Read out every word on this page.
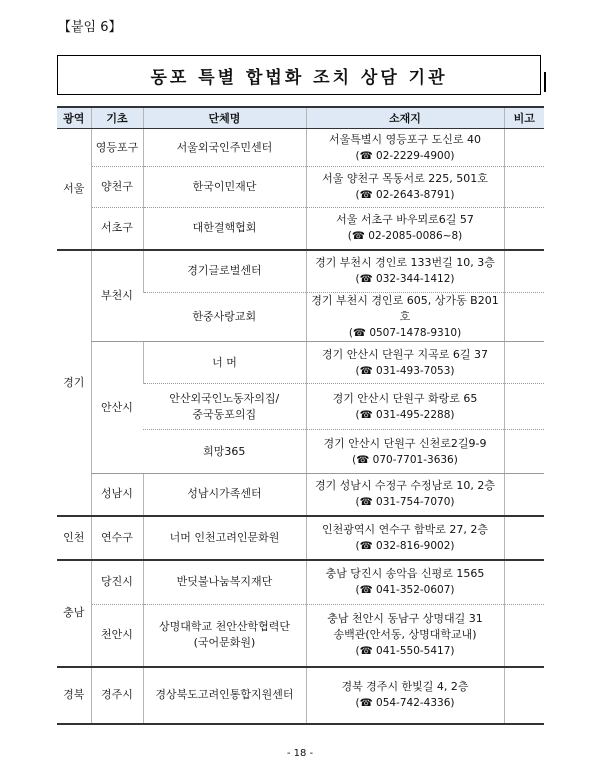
【붙임 6】
동포 특별 합법화 조치 상담 기관
광역	기초	단체명	소재지	비고
서울	영등포구	서울외국인주민센터	서울특별시 영등포구 도신로 40
(☎ 02-2229-4900)	

	양천구	한국이민재단	서울 양천구 목동서로 225, 501호
(☎ 02-2643-8791)	

	서초구	대한결핵협회	서울 서초구 바우뫼로6길 57
(☎ 02-2085-0086~8)	

경기	부천시	경기글로벌센터	경기 부천시 경인로 133번길 10, 3층
(☎ 032-344-1412)	

		한중사랑교회	경기 부천시 경인로 605, 상가동 B201호
(☎ 0507-1478-9310)	

	안산시	너 머	경기 안산시 단원구 지곡로 6길 37
(☎ 031-493-7053)	

		안산외국인노동자의집/
중국동포의집	경기 안산시 단원구 화랑로 65
(☎ 031-495-2288)	

		희망365	경기 안산시 단원구 신천로2길9-9
(☎ 070-7701-3636)	

	성남시	성남시가족센터	경기 성남시 수정구 수정남로 10, 2층
(☎ 031-754-7070)	

인천	연수구	너머 인천고려인문화원	인천광역시 연수구 함박로 27, 2층
(☎ 032-816-9002)	

충남	당진시	반딧불나눔복지재단	충남 당진시 송악읍 신평로 1565
(☎ 041-352-0607)	

	천안시	상명대학교 천안산학협력단
(국어문화원)	충남 천안시 동남구 상명대길 31
송백관(안서동, 상명대학교내)
(☎ 041-550-5417)	

경북	경주시	경상북도고려인통합지원센터	경북 경주시 한빛길 4, 2층
(☎ 054-742-4336)	

- 18 -
